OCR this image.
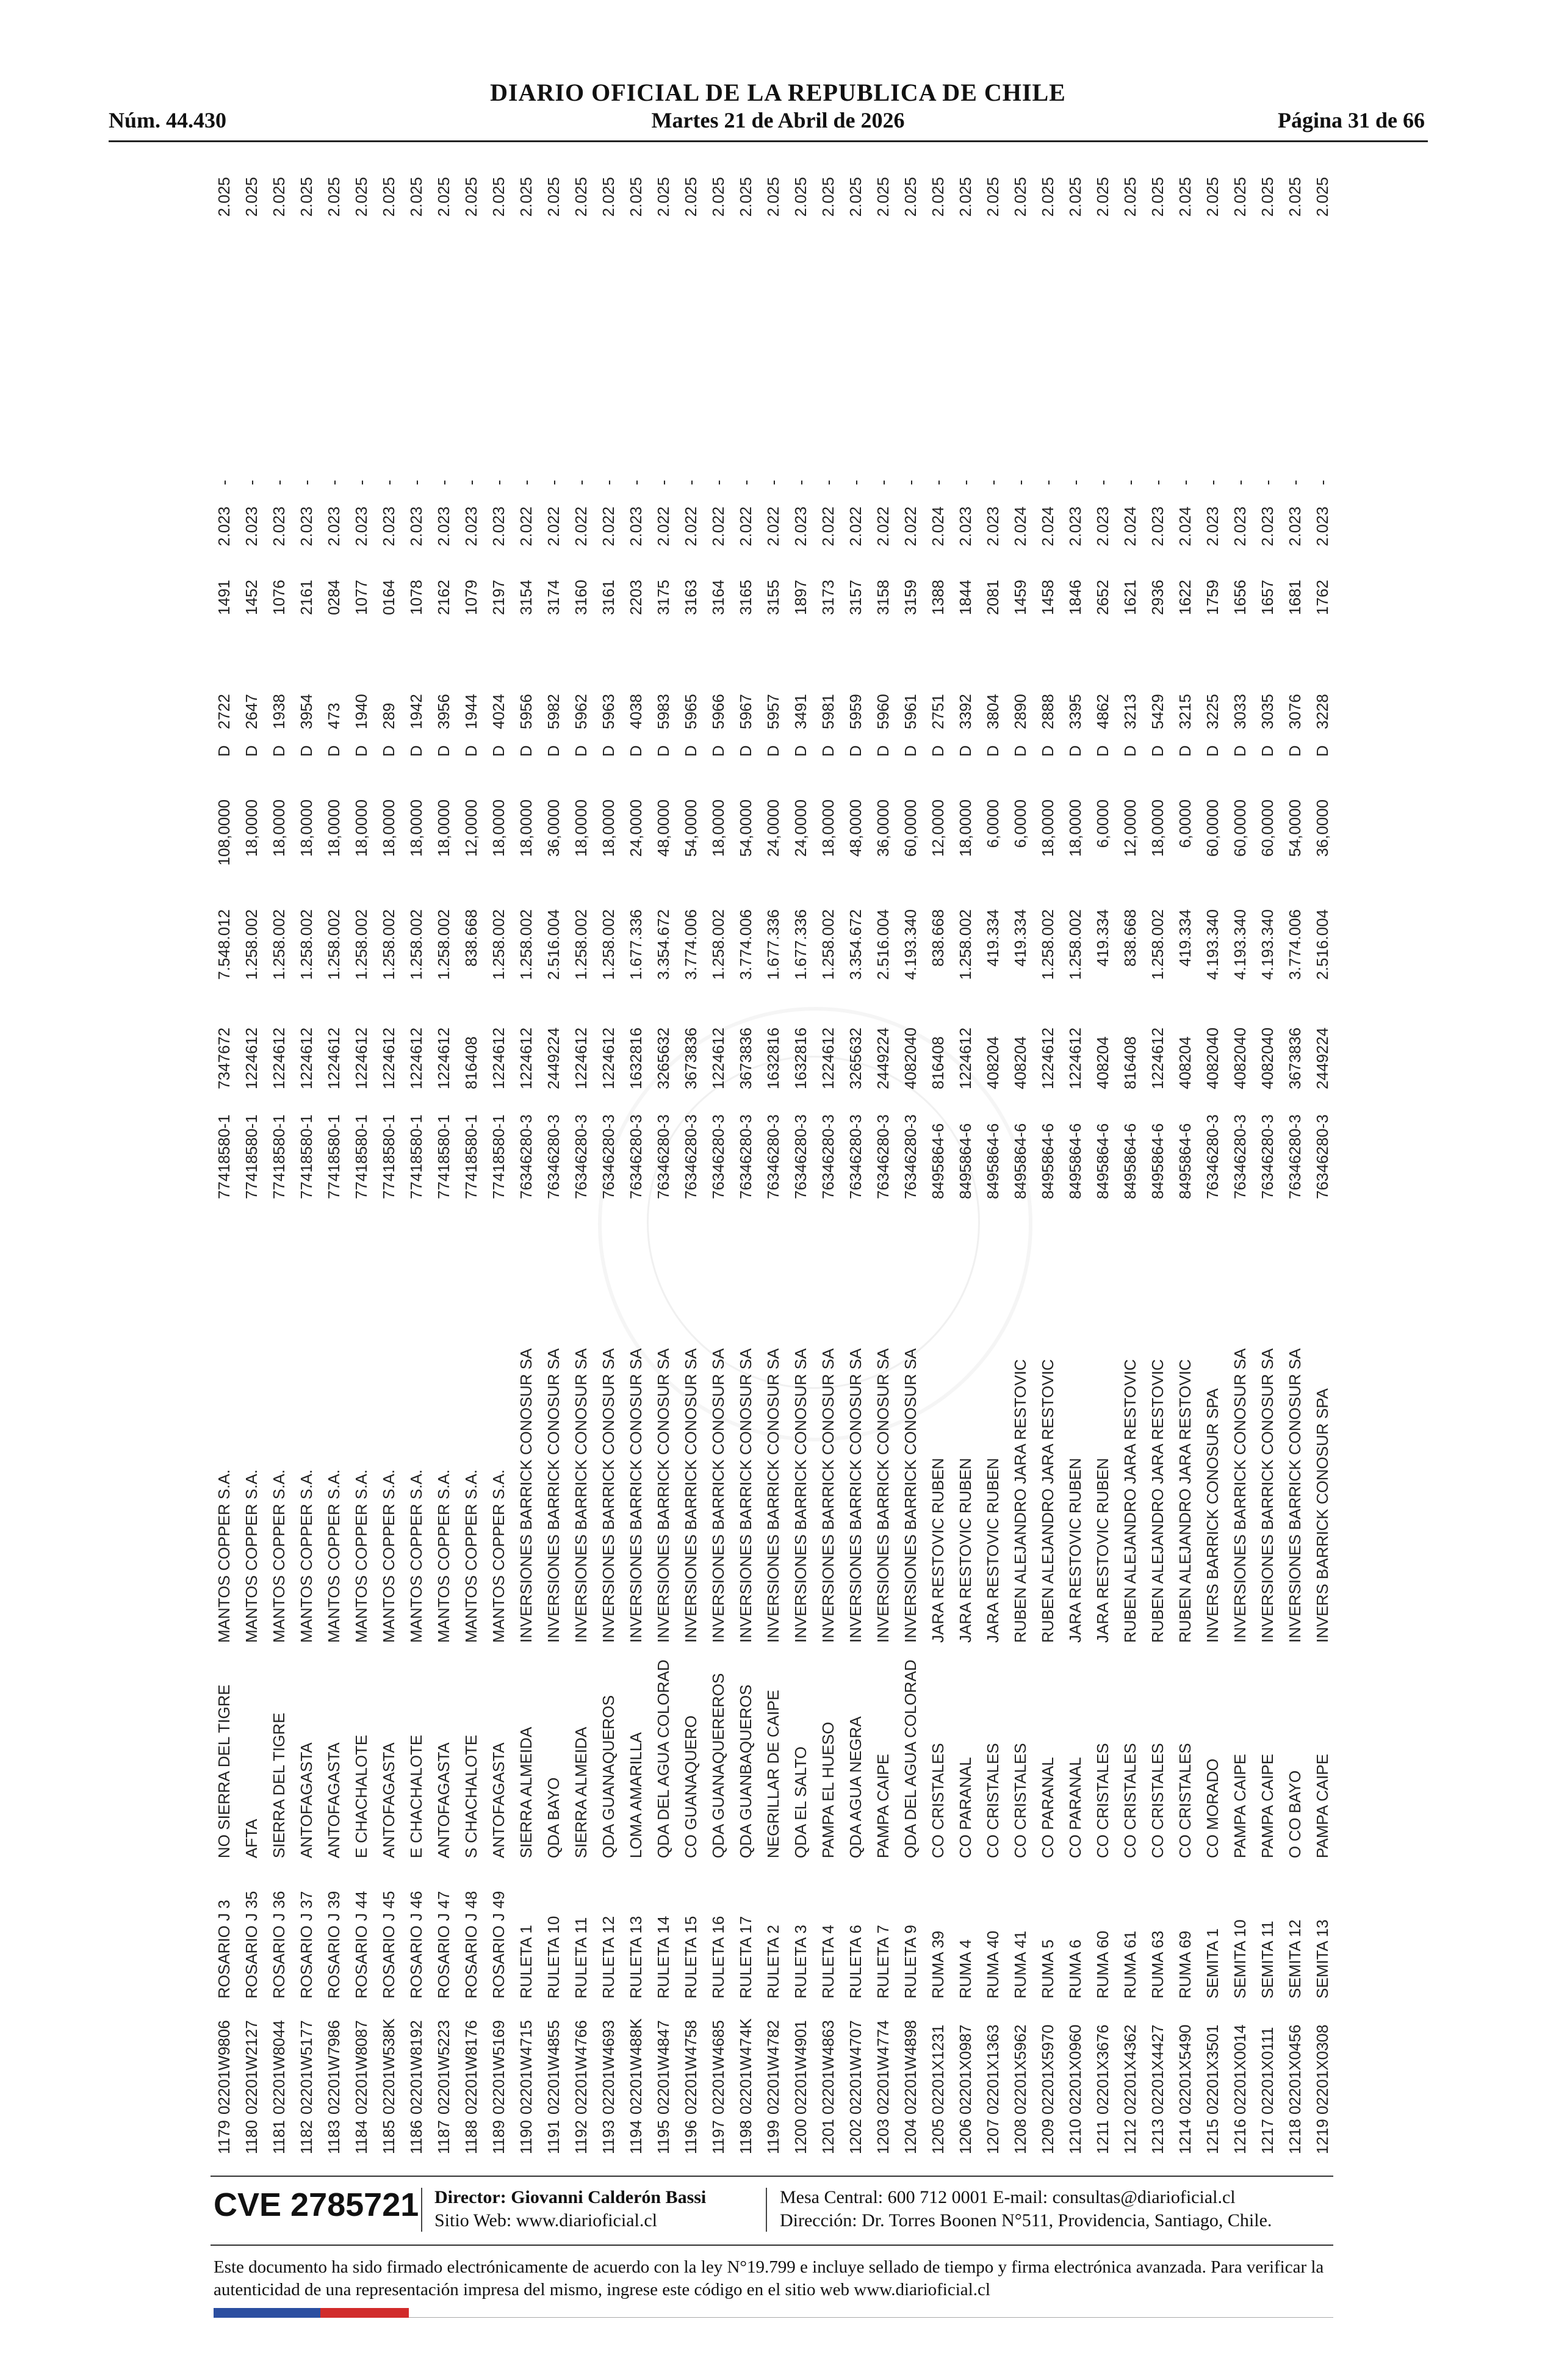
DIARIO OFICIAL DE LA REPUBLICA DE CHILE
Núm. 44.430	Martes 21 de Abril de 2026	Página 31 de 66
1179
02201W9806
ROSARIO J 3
NO SIERRA DEL TIGRE
MANTOS COPPER S.A.
77418580-1
7347672
7.548.012
108,0000
D
2722
1491
2.023
-
2.025
1180
02201W2127
ROSARIO J 35
AFTA
MANTOS COPPER S.A.
77418580-1
1224612
1.258.002
18,0000
D
2647
1452
2.023
-
2.025
1181
02201W8044
ROSARIO J 36
SIERRA DEL TIGRE
MANTOS COPPER S.A.
77418580-1
1224612
1.258.002
18,0000
D
1938
1076
2.023
-
2.025
1182
02201W5177
ROSARIO J 37
ANTOFAGASTA
MANTOS COPPER S.A.
77418580-1
1224612
1.258.002
18,0000
D
3954
2161
2.023
-
2.025
1183
02201W7986
ROSARIO J 39
ANTOFAGASTA
MANTOS COPPER S.A.
77418580-1
1224612
1.258.002
18,0000
D
473
0284
2.023
-
2.025
1184
02201W8087
ROSARIO J 44
E CHACHALOTE
MANTOS COPPER S.A.
77418580-1
1224612
1.258.002
18,0000
D
1940
1077
2.023
-
2.025
1185
02201W538K
ROSARIO J 45
ANTOFAGASTA
MANTOS COPPER S.A.
77418580-1
1224612
1.258.002
18,0000
D
289
0164
2.023
-
2.025
1186
02201W8192
ROSARIO J 46
E CHACHALOTE
MANTOS COPPER S.A.
77418580-1
1224612
1.258.002
18,0000
D
1942
1078
2.023
-
2.025
1187
02201W5223
ROSARIO J 47
ANTOFAGASTA
MANTOS COPPER S.A.
77418580-1
1224612
1.258.002
18,0000
D
3956
2162
2.023
-
2.025
1188
02201W8176
ROSARIO J 48
S CHACHALOTE
MANTOS COPPER S.A.
77418580-1
816408
838.668
12,0000
D
1944
1079
2.023
-
2.025
1189
02201W5169
ROSARIO J 49
ANTOFAGASTA
MANTOS COPPER S.A.
77418580-1
1224612
1.258.002
18,0000
D
4024
2197
2.023
-
2.025
1190
02201W4715
RULETA 1
SIERRA ALMEIDA
INVERSIONES BARRICK CONOSUR SA
76346280-3
1224612
1.258.002
18,0000
D
5956
3154
2.022
-
2.025
1191
02201W4855
RULETA 10
QDA BAYO
INVERSIONES BARRICK CONOSUR SA
76346280-3
2449224
2.516.004
36,0000
D
5982
3174
2.022
-
2.025
1192
02201W4766
RULETA 11
SIERRA ALMEIDA
INVERSIONES BARRICK CONOSUR SA
76346280-3
1224612
1.258.002
18,0000
D
5962
3160
2.022
-
2.025
1193
02201W4693
RULETA 12
QDA GUANAQUEROS
INVERSIONES BARRICK CONOSUR SA
76346280-3
1224612
1.258.002
18,0000
D
5963
3161
2.022
-
2.025
1194
02201W488K
RULETA 13
LOMA AMARILLA
INVERSIONES BARRICK CONOSUR SA
76346280-3
1632816
1.677.336
24,0000
D
4038
2203
2.023
-
2.025
1195
02201W4847
RULETA 14
QDA DEL AGUA COLORAD
INVERSIONES BARRICK CONOSUR SA
76346280-3
3265632
3.354.672
48,0000
D
5983
3175
2.022
-
2.025
1196
02201W4758
RULETA 15
CO GUANAQUERO
INVERSIONES BARRICK CONOSUR SA
76346280-3
3673836
3.774.006
54,0000
D
5965
3163
2.022
-
2.025
1197
02201W4685
RULETA 16
QDA GUANAQUEREROS
INVERSIONES BARRICK CONOSUR SA
76346280-3
1224612
1.258.002
18,0000
D
5966
3164
2.022
-
2.025
1198
02201W474K
RULETA 17
QDA GUANBAQUEROS
INVERSIONES BARRICK CONOSUR SA
76346280-3
3673836
3.774.006
54,0000
D
5967
3165
2.022
-
2.025
1199
02201W4782
RULETA 2
NEGRILLAR DE CAIPE
INVERSIONES BARRICK CONOSUR SA
76346280-3
1632816
1.677.336
24,0000
D
5957
3155
2.022
-
2.025
1200
02201W4901
RULETA 3
QDA EL SALTO
INVERSIONES BARRICK CONOSUR SA
76346280-3
1632816
1.677.336
24,0000
D
3491
1897
2.023
-
2.025
1201
02201W4863
RULETA 4
PAMPA EL HUESO
INVERSIONES BARRICK CONOSUR SA
76346280-3
1224612
1.258.002
18,0000
D
5981
3173
2.022
-
2.025
1202
02201W4707
RULETA 6
QDA AGUA NEGRA
INVERSIONES BARRICK CONOSUR SA
76346280-3
3265632
3.354.672
48,0000
D
5959
3157
2.022
-
2.025
1203
02201W4774
RULETA 7
PAMPA CAIPE
INVERSIONES BARRICK CONOSUR SA
76346280-3
2449224
2.516.004
36,0000
D
5960
3158
2.022
-
2.025
1204
02201W4898
RULETA 9
QDA DEL AGUA COLORAD
INVERSIONES BARRICK CONOSUR SA
76346280-3
4082040
4.193.340
60,0000
D
5961
3159
2.022
-
2.025
1205
02201X1231
RUMA 39
CO CRISTALES
JARA RESTOVIC RUBEN
8495864-6
816408
838.668
12,0000
D
2751
1388
2.024
-
2.025
1206
02201X0987
RUMA 4
CO PARANAL
JARA RESTOVIC RUBEN
8495864-6
1224612
1.258.002
18,0000
D
3392
1844
2.023
-
2.025
1207
02201X1363
RUMA 40
CO CRISTALES
JARA RESTOVIC RUBEN
8495864-6
408204
419.334
6,0000
D
3804
2081
2.023
-
2.025
1208
02201X5962
RUMA 41
CO CRISTALES
RUBEN ALEJANDRO JARA RESTOVIC
8495864-6
408204
419.334
6,0000
D
2890
1459
2.024
-
2.025
1209
02201X5970
RUMA 5
CO PARANAL
RUBEN ALEJANDRO JARA RESTOVIC
8495864-6
1224612
1.258.002
18,0000
D
2888
1458
2.024
-
2.025
1210
02201X0960
RUMA 6
CO PARANAL
JARA RESTOVIC RUBEN
8495864-6
1224612
1.258.002
18,0000
D
3395
1846
2.023
-
2.025
1211
02201X3676
RUMA 60
CO CRISTALES
JARA RESTOVIC RUBEN
8495864-6
408204
419.334
6,0000
D
4862
2652
2.023
-
2.025
1212
02201X4362
RUMA 61
CO CRISTALES
RUBEN ALEJANDRO JARA RESTOVIC
8495864-6
816408
838.668
12,0000
D
3213
1621
2.024
-
2.025
1213
02201X4427
RUMA 63
CO CRISTALES
RUBEN ALEJANDRO JARA RESTOVIC
8495864-6
1224612
1.258.002
18,0000
D
5429
2936
2.023
-
2.025
1214
02201X5490
RUMA 69
CO CRISTALES
RUBEN ALEJANDRO JARA RESTOVIC
8495864-6
408204
419.334
6,0000
D
3215
1622
2.024
-
2.025
1215
02201X3501
SEMITA 1
CO MORADO
INVERS BARRICK CONOSUR SPA
76346280-3
4082040
4.193.340
60,0000
D
3225
1759
2.023
-
2.025
1216
02201X0014
SEMITA 10
PAMPA CAIPE
INVERSIONES BARRICK CONOSUR SA
76346280-3
4082040
4.193.340
60,0000
D
3033
1656
2.023
-
2.025
1217
02201X0111
SEMITA 11
PAMPA CAIPE
INVERSIONES BARRICK CONOSUR SA
76346280-3
4082040
4.193.340
60,0000
D
3035
1657
2.023
-
2.025
1218
02201X0456
SEMITA 12
O CO BAYO
INVERSIONES BARRICK CONOSUR SA
76346280-3
3673836
3.774.006
54,0000
D
3076
1681
2.023
-
2.025
1219
02201X0308
SEMITA 13
PAMPA CAIPE
INVERS BARRICK CONOSUR SPA
76346280-3
2449224
2.516.004
36,0000
D
3228
1762
2.023
-
2.025
CVE 2785721 Director: Giovanni Calderón Bassi
Sitio Web: www.diarioficial.cl
Mesa Central: 600 712 0001 E-mail: consultas@diarioficial.cl
Dirección: Dr. Torres Boonen N°511, Providencia, Santiago, Chile.
Este documento ha sido firmado electrónicamente de acuerdo con la ley N°19.799 e incluye sellado de tiempo y firma electrónica avanzada. Para verificar la autenticidad de una representación impresa del mismo, ingrese este código en el sitio web www.diarioficial.cl
